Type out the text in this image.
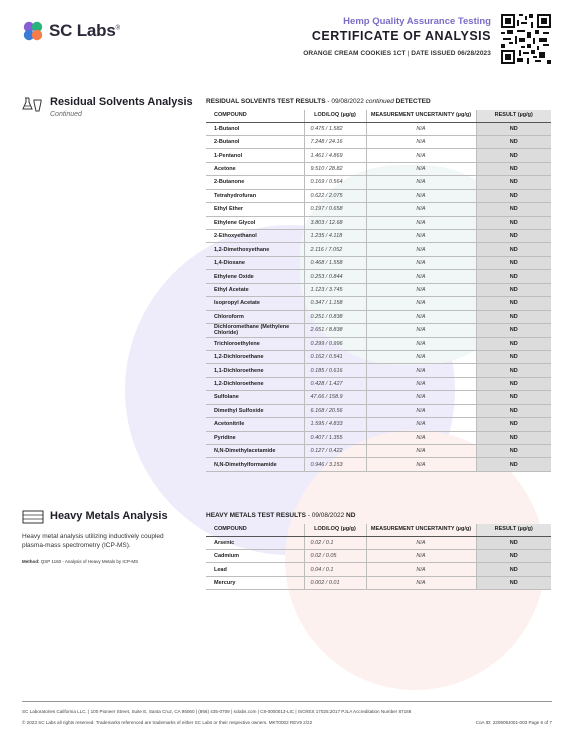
SC Labs®
Hemp Quality Assurance Testing
CERTIFICATE OF ANALYSIS
ORANGE CREAM COOKIES 1CT | DATE ISSUED 06/28/2023
Residual Solvents Analysis
Continued
RESIDUAL SOLVENTS TEST RESULTS - 09/08/2022 continued DETECTED
COMPOUND	LOD/LOQ (µg/g)	MEASUREMENT UNCERTAINTY (µg/g)	RESULT (µg/g)
1-Butanol	0.475 / 1.582	N/A	ND
2-Butanol	7.248 / 24.16	N/A	ND
1-Pentanol	1.461 / 4.869	N/A	ND
Acetone	9.510 / 28.82	N/A	ND
2-Butanone	0.169 / 0.564	N/A	ND
Tetrahydrofuran	0.622 / 2.075	N/A	ND
Ethyl Ether	0.197 / 0.658	N/A	ND
Ethylene Glycol	3.803 / 12.68	N/A	ND
2-Ethoxyethanol	1.235 / 4.118	N/A	ND
1,2-Dimethoxyethane	2.116 / 7.052	N/A	ND
1,4-Dioxane	0.468 / 1.558	N/A	ND
Ethylene Oxide	0.253 / 0.844	N/A	ND
Ethyl Acetate	1.123 / 3.745	N/A	ND
Isopropyl Acetate	0.347 / 1.158	N/A	ND
Chloroform	0.251 / 0.838	N/A	ND
Dichloromethane (Methylene Chloride)	2.651 / 8.838	N/A	ND
Trichloroethylene	0.299 / 0.996	N/A	ND
1,2-Dichloroethane	0.162 / 0.541	N/A	ND
1,1-Dichloroethene	0.185 / 0.616	N/A	ND
1,2-Dichloroethene	0.428 / 1.427	N/A	ND
Sulfolane	47.66 / 158.9	N/A	ND
Dimethyl Sulfoxide	6.168 / 20.56	N/A	ND
Acetonitrile	1.595 / 4.833	N/A	ND
Pyridine	0.407 / 1.355	N/A	ND
N,N-Dimethylacetamide	0.127 / 0.422	N/A	ND
N,N-Dimethylformamide	0.946 / 3.153	N/A	ND
Heavy Metals Analysis
Heavy metal analysis utilizing inductively coupled plasma-mass spectrometry (ICP-MS).
Method: QSP 1160 - Analysis of Heavy Metals by ICP-MS
HEAVY METALS TEST RESULTS - 09/08/2022 ND
COMPOUND	LOD/LOQ (µg/g)	MEASUREMENT UNCERTAINTY (µg/g)	RESULT (µg/g)
Arsenic	0.02 / 0.1	N/A	ND
Cadmium	0.02 / 0.05	N/A	ND
Lead	0.04 / 0.1	N/A	ND
Mercury	0.002 / 0.01	N/A	ND
SC Laboratories California LLC. | 100 Pioneer Street, Suite E, Santa Cruz, CA 95060 | (866) 435-0709 | sclabs.com | C8-0000013-LIC | ISO/IES 17025:2017 PJLA Accreditation Number 87168
© 2023 SC Labs all rights reserved. Trademarks referenced are trademarks of either SC Labs or their respective owners. MKT0002 REV9 2/22	CoA ID: 220909J001-003 Page 6 of 7
